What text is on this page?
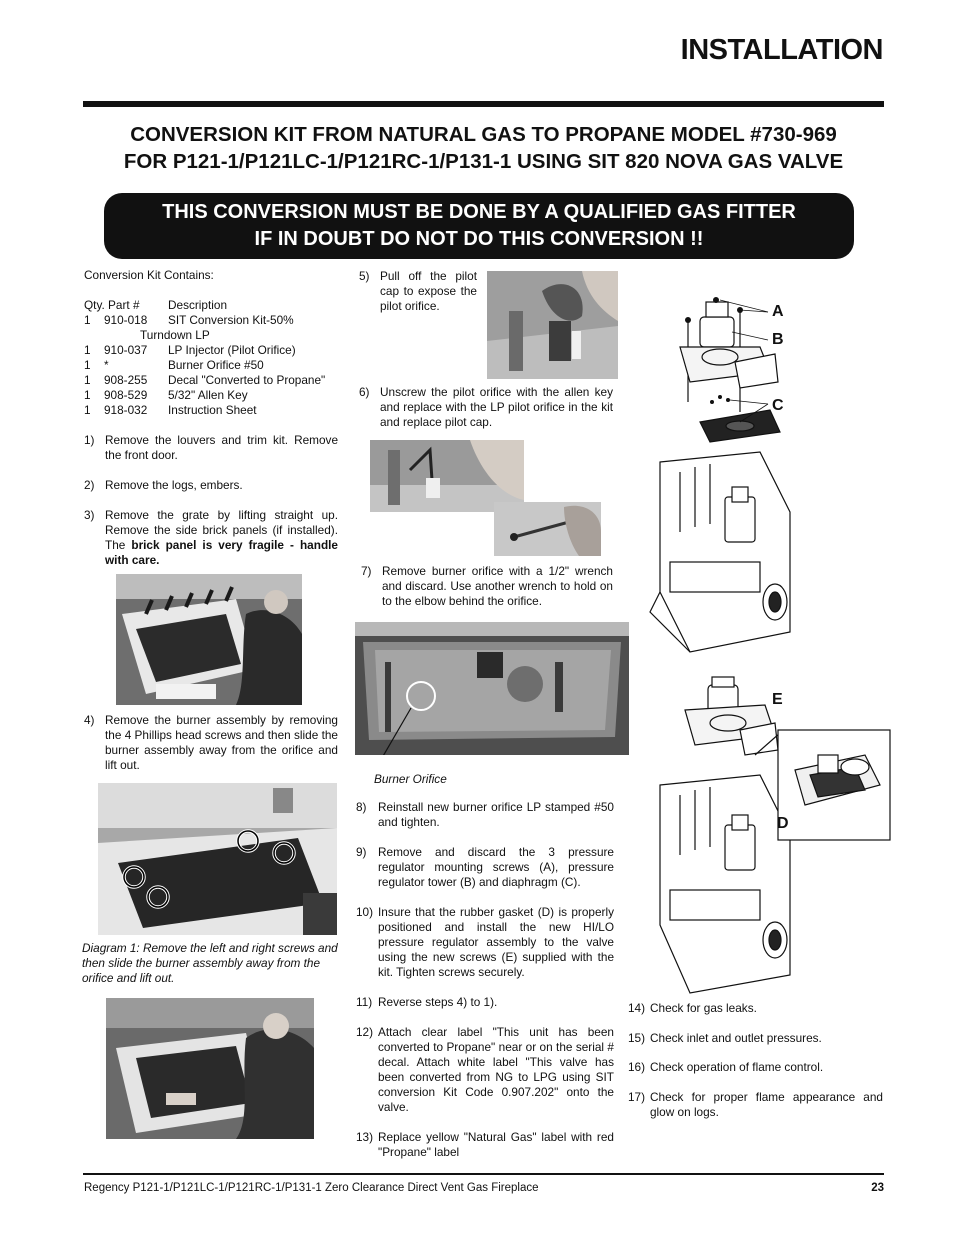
INSTALLATION
CONVERSION KIT FROM NATURAL GAS TO PROPANE MODEL #730-969
FOR P121-1/P121LC-1/P121RC-1/P131-1 USING SIT 820 NOVA GAS VALVE
THIS CONVERSION MUST BE DONE BY A QUALIFIED GAS FITTER
IF IN DOUBT DO NOT DO THIS CONVERSION !!
Conversion Kit Contains:
Qty. Part #	Description
1	910-018	SIT Conversion Kit-50%
Turndown LP
1	910-037	LP Injector (Pilot Orifice)
1	*	Burner Orifice #50
1	908-255	Decal "Converted to Propane"
1	908-529	5/32" Allen Key
1	918-032	Instruction Sheet
1) Remove the louvers and trim kit. Remove the front door.
2) Remove the logs, embers.
3) Remove the grate by lifting straight up. Remove the side brick panels (if installed). The brick panel is very fragile - handle with care.
4) Remove the burner assembly by removing the 4 Phillips head screws and then slide the burner assembly away from the orifice and lift out.
Diagram 1: Remove the left and right screws and then slide the burner assembly away from the orifice and lift out.
5) Pull off the pilot cap to expose the pilot orifice.
6) Unscrew the pilot orifice with the allen key and replace with the LP pilot orifice in the kit and replace pilot cap.
7) Remove burner orifice with a 1/2" wrench and discard. Use another wrench to hold on to the elbow behind the orifice.
Burner Orifice
8) Reinstall new burner orifice LP stamped #50 and tighten.
9) Remove and discard the 3 pressure regulator mounting screws (A), pressure regulator tower (B) and diaphragm (C).
10) Insure that the rubber gasket (D) is properly positioned and install the new HI/LO pressure regulator assembly to the valve using the new screws (E) supplied with the kit. Tighten screws securely.
11) Reverse steps 4) to 1).
12) Attach clear label "This unit has been converted to Propane" near or on the serial # decal. Attach white label "This valve has been converted from NG to LPG using SIT conversion Kit Code 0.907.202" onto the valve.
13) Replace yellow "Natural Gas" label with red "Propane" label
A
B
C
E
D
14) Check for gas leaks.
15) Check inlet and outlet pressures.
16) Check operation of flame control.
17) Check for proper flame appearance and glow on logs.
Regency P121-1/P121LC-1/P121RC-1/P131-1 Zero Clearance Direct Vent Gas Fireplace	23
